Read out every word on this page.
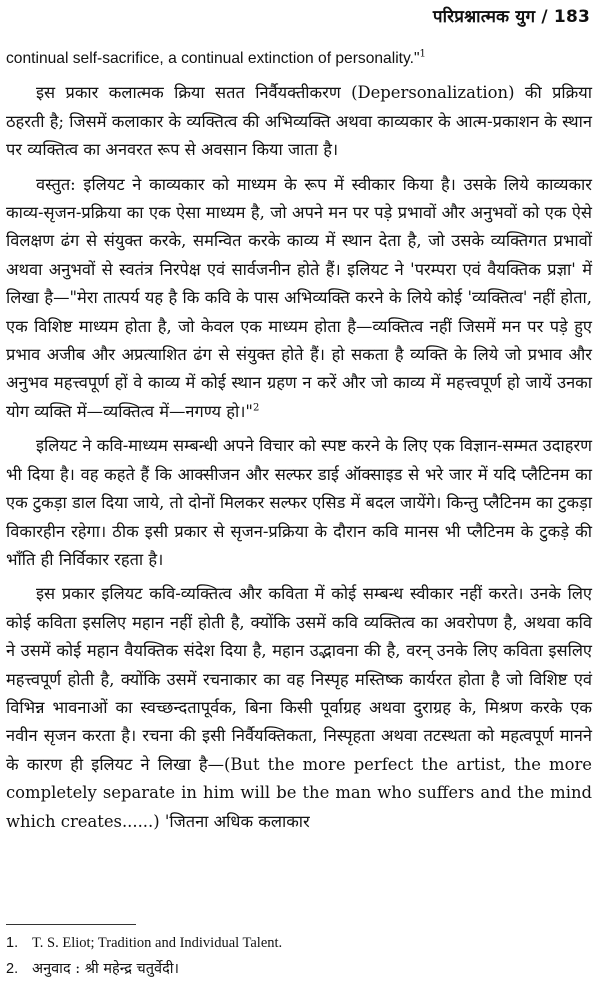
परिप्रश्नात्मक युग / 183

continual self-sacrifice, a continual extinction of personality."$^1$

इस प्रकार कलात्मक क्रिया सतत निर्वैयक्तीकरण (Depersonalization) की प्रक्रिया ठहरती है; जिसमें कलाकार के व्यक्तित्व की अभिव्यक्ति अथवा काव्यकार के आत्म-प्रकाशन के स्थान पर व्यक्तित्व का अनवरत रूप से अवसान किया जाता है।

वस्तुत: इलियट ने काव्यकार को माध्यम के रूप में स्वीकार किया है। उसके लिये काव्यकार काव्य-सृजन-प्रक्रिया का एक ऐसा माध्यम है, जो अपने मन पर पड़े प्रभावों और अनुभवों को एक ऐसे विलक्षण ढंग से संयुक्त करके, समन्वित करके काव्य में स्थान देता है, जो उसके व्यक्तिगत प्रभावों अथवा अनुभवों से स्वतंत्र निरपेक्ष एवं सार्वजनीन होते हैं। इलियट ने 'परम्परा एवं वैयक्तिक प्रज्ञा' में लिखा है—"मेरा तात्पर्य यह है कि कवि के पास अभिव्यक्ति करने के लिये कोई 'व्यक्तित्व' नहीं होता, एक विशिष्ट माध्यम होता है, जो केवल एक माध्यम होता है—व्यक्तित्व नहीं जिसमें मन पर पड़े हुए प्रभाव अजीब और अप्रत्याशित ढंग से संयुक्त होते हैं। हो सकता है व्यक्ति के लिये जो प्रभाव और अनुभव महत्त्वपूर्ण हों वे काव्य में कोई स्थान ग्रहण न करें और जो काव्य में महत्त्वपूर्ण हो जायें उनका योग व्यक्ति में—व्यक्तित्व में—नगण्य हो।"$^2$

इलियट ने कवि-माध्यम सम्बन्धी अपने विचार को स्पष्ट करने के लिए एक विज्ञान-सम्मत उदाहरण भी दिया है। वह कहते हैं कि आक्सीजन और सल्फर डाई ऑक्साइड से भरे जार में यदि प्लैटिनम का एक टुकड़ा डाल दिया जाये, तो दोनों मिलकर सल्फर एसिड में बदल जायेंगे। किन्तु प्लैटिनम का टुकड़ा विकारहीन रहेगा। ठीक इसी प्रकार से सृजन-प्रक्रिया के दौरान कवि मानस भी प्लैटिनम के टुकड़े की भाँति ही निर्विकार रहता है।

इस प्रकार इलियट कवि-व्यक्तित्व और कविता में कोई सम्बन्ध स्वीकार नहीं करते। उनके लिए कोई कविता इसलिए महान नहीं होती है, क्योंकि उसमें कवि व्यक्तित्व का अवरोपण है, अथवा कवि ने उसमें कोई महान वैयक्तिक संदेश दिया है, महान उद्भावना की है, वरन् उनके लिए कविता इसलिए महत्त्वपूर्ण होती है, क्योंकि उसमें रचनाकार का वह निस्पृह मस्तिष्क कार्यरत होता है जो विशिष्ट एवं विभिन्न भावनाओं का स्वच्छन्दतापूर्वक, बिना किसी पूर्वाग्रह अथवा दुराग्रह के, मिश्रण करके एक नवीन सृजन करता है। रचना की इसी निर्वैयक्तिकता, निस्पृहता अथवा तटस्थता को महत्वपूर्ण मानने के कारण ही इलियट ने लिखा है—(But the more perfect the artist, the more completely separate in him will be the man who suffers and the mind which creates......) 'जितना अधिक कलाकार

1. T. S. Eliot; Tradition and Individual Talent.
2. अनुवाद : श्री महेन्द्र चतुर्वेदी।
